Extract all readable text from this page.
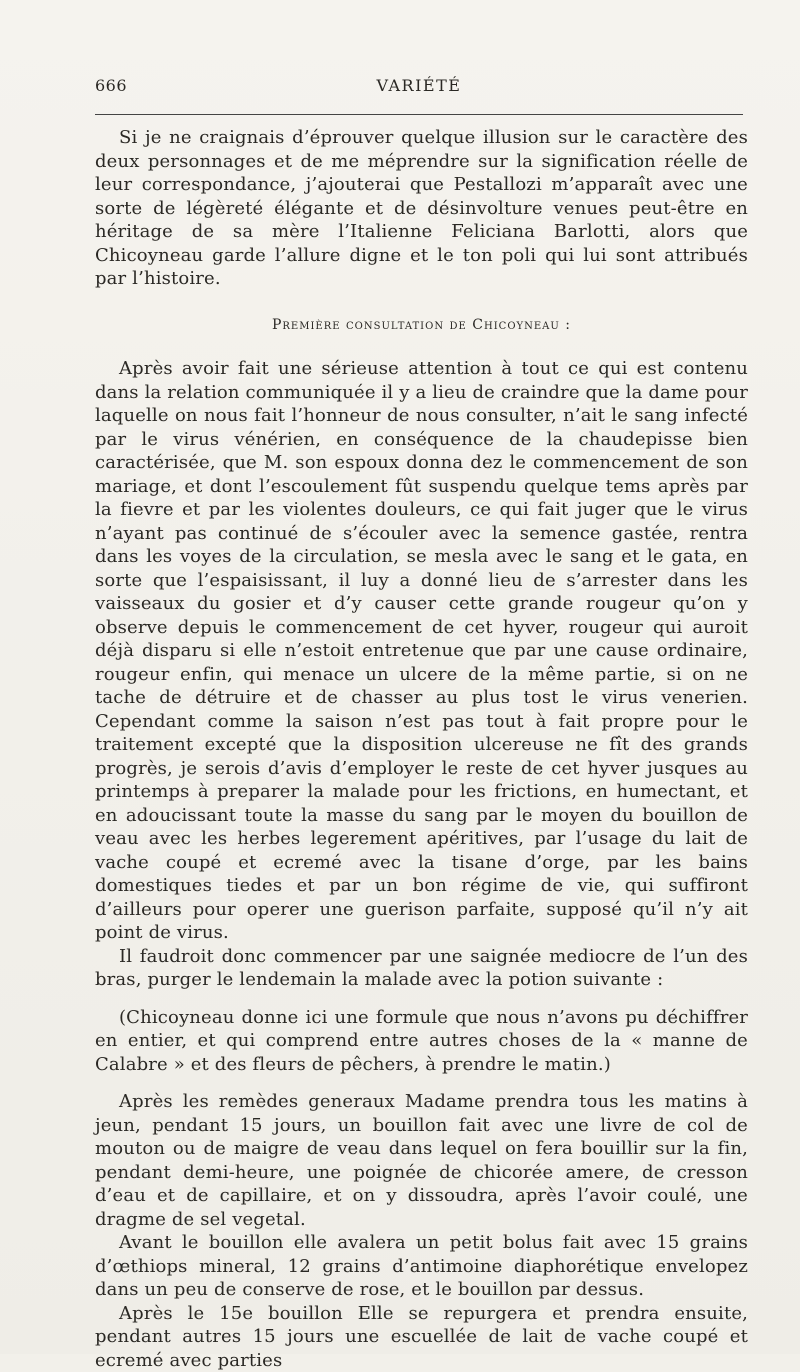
666	VARIÉTÉ

Si je ne craignais d’éprouver quelque illusion sur le caractère des deux personnages et de me méprendre sur la signification réelle de leur correspondance, j’ajouterai que Pestallozi m’apparaît avec une sorte de légèreté élégante et de désinvolture venues peut-être en héritage de sa mère l’Italienne Feliciana Barlotti, alors que Chicoyneau garde l’allure digne et le ton poli qui lui sont attribués par l’histoire.

Première consultation de Chicoyneau :

Après avoir fait une sérieuse attention à tout ce qui est contenu dans la relation communiquée il y a lieu de craindre que la dame pour laquelle on nous fait l’honneur de nous consulter, n’ait le sang infecté par le virus vénérien, en conséquence de la chaudepisse bien caractérisée, que M. son espoux donna dez le commencement de son mariage, et dont l’escoulement fût suspendu quelque tems après par la fievre et par les violentes douleurs, ce qui fait juger que le virus n’ayant pas continué de s’écouler avec la semence gastée, rentra dans les voyes de la circulation, se mesla avec le sang et le gata, en sorte que l’espaisissant, il luy a donné lieu de s’arrester dans les vaisseaux du gosier et d’y causer cette grande rougeur qu’on y observe depuis le commencement de cet hyver, rougeur qui auroit déjà disparu si elle n’estoit entretenue que par une cause ordinaire, rougeur enfin, qui menace un ulcere de la même partie, si on ne tache de détruire et de chasser au plus tost le virus venerien. Cependant comme la saison n’est pas tout à fait propre pour le traitement excepté que la disposition ulcereuse ne fît des grands progrès, je serois d’avis d’employer le reste de cet hyver jusques au printemps à preparer la malade pour les frictions, en humectant, et en adoucissant toute la masse du sang par le moyen du bouillon de veau avec les herbes legerement apéritives, par l’usage du lait de vache coupé et ecremé avec la tisane d’orge, par les bains domestiques tiedes et par un bon régime de vie, qui suffiront d’ailleurs pour operer une guerison parfaite, supposé qu’il n’y ait point de virus.

Il faudroit donc commencer par une saignée mediocre de l’un des bras, purger le lendemain la malade avec la potion suivante :

(Chicoyneau donne ici une formule que nous n’avons pu déchiffrer en entier, et qui comprend entre autres choses de la « manne de Calabre » et des fleurs de pêchers, à prendre le matin.)

Après les remèdes generaux Madame prendra tous les matins à jeun, pendant 15 jours, un bouillon fait avec une livre de col de mouton ou de maigre de veau dans lequel on fera bouillir sur la fin, pendant demi-heure, une poignée de chicorée amere, de cresson d’eau et de capillaire, et on y dissoudra, après l’avoir coulé, une dragme de sel vegetal.

Avant le bouillon elle avalera un petit bolus fait avec 15 grains d’œthiops mineral, 12 grains d’antimoine diaphorétique envelopez dans un peu de conserve de rose, et le bouillon par dessus.

Après le 15e bouillon Elle se repurgera et prendra ensuite, pendant autres 15 jours une escuellée de lait de vache coupé et ecremé avec parties
